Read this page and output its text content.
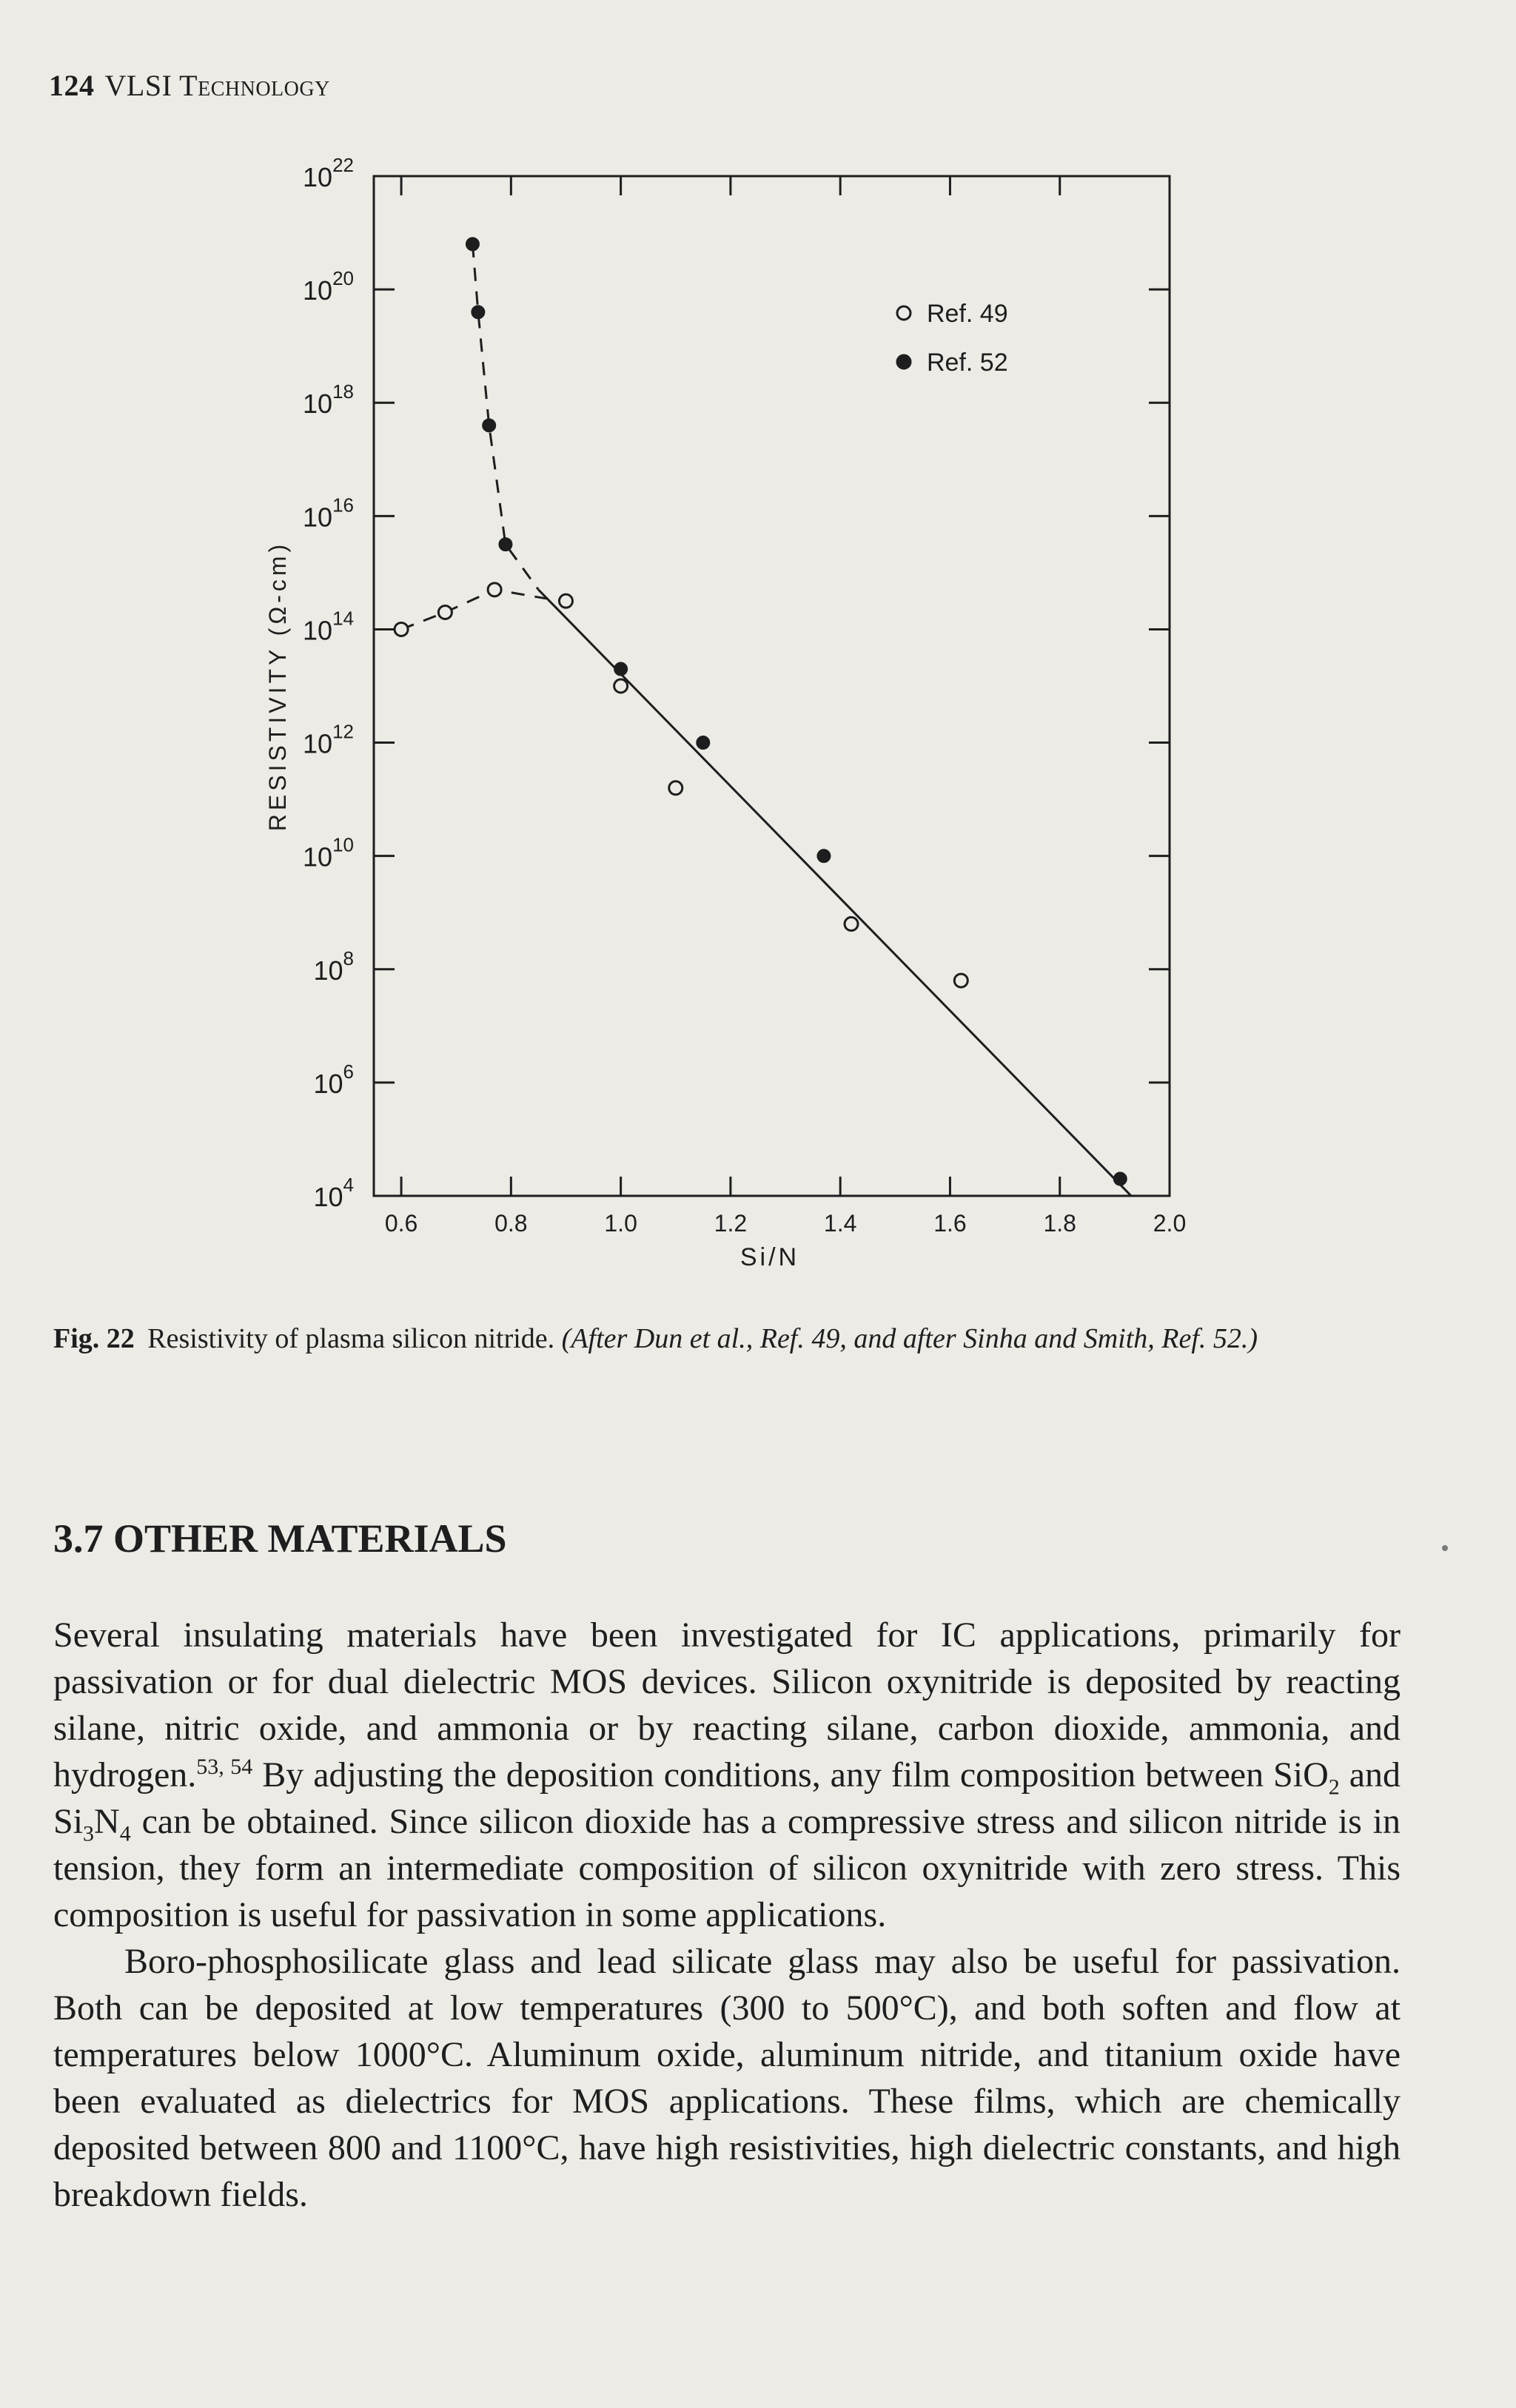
124 VLSI Technology
0.6	0.8	1.0	1.2	1.4	1.6	1.8	2.0
$10^4$
$10^6$
$10^8$
$10^{10}$
$10^{12}$
$10^{14}$
$10^{16}$
$10^{18}$
$10^{20}$
$10^{22}$
Ref. 49
Ref. 52
Si/N
RESISTIVITY (Ω-cm)
Fig. 22 Resistivity of plasma silicon nitride. (After Dun et al., Ref. 49, and after Sinha and Smith, Ref. 52.)
3.7 OTHER MATERIALS

Several insulating materials have been investigated for IC applications, primarily for passivation or for dual dielectric MOS devices. Silicon oxynitride is deposited by reacting silane, nitric oxide, and ammonia or by reacting silane, carbon dioxide, ammonia, and hydrogen.$^{53, 54}$ By adjusting the deposition conditions, any film composition between SiO$_2$ and $Si_3N_4$ can be obtained. Since silicon dioxide has a compressive stress and silicon nitride is in tension, they form an intermediate composition of silicon oxynitride with zero stress. This composition is useful for passivation in some applications.

Boro-phosphosilicate glass and lead silicate glass may also be useful for passivation. Both can be deposited at low temperatures (300 to 500°C), and both soften and flow at temperatures below 1000°C. Aluminum oxide, aluminum nitride, and titanium oxide have been evaluated as dielectrics for MOS applications. These films, which are chemically deposited between 800 and 1100°C, have high resistivities, high dielectric constants, and high breakdown fields.
